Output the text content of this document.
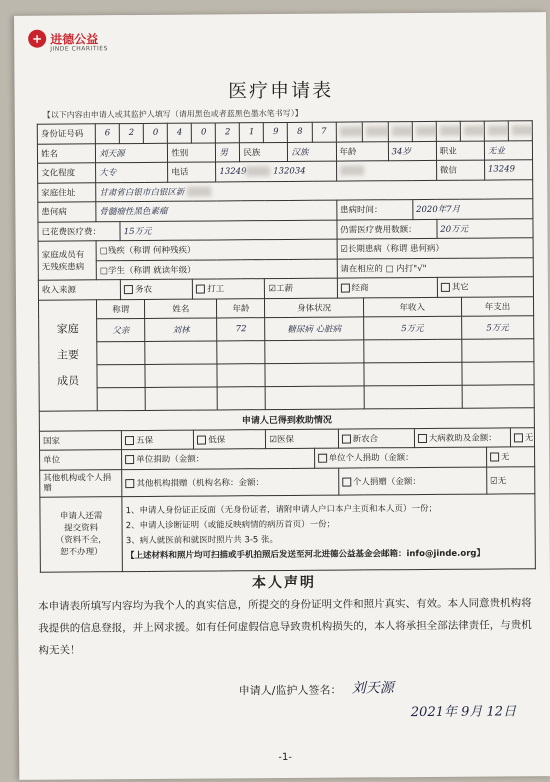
+ 进德公益
JINDE CHARITIES
医疗申请表
【以下内容由申请人或其监护人填写（请用黑色或者蓝黑色墨水笔书写）】
身份证号码	6	2	0	4	0	2	1	9	8	7								
姓名	刘天源			性别		男	民族		汉族		年龄		34岁		职业		无业	
文化程度	大专			电话		13249 132034									微信		13249	
家庭住址	甘肃省白银市白银区新																	
患何病	骨髓瘤性黑色素瘤										患病时间：			2020年7月				
已花费医疗费：		15万元									仍需医疗费用数额：				20万元			
家庭成员有
无残疾患病	□残疾（称谓 何种残疾）										☑长期患病（称谓 患何病）							
	□学生（称谓 就读年级）										请在相应的 □ 内打"√"							
收入来源		务农			打工			☑工薪			经商				其它			
家庭
主要
成员	称谓		姓名			年龄		身体状况				年收入				年支出		
	父亲		刘林			72		糖尿病 心脏病				5万元				5万元		

申请人已得到救助情况																		
国家		五保			低保			☑医保			新农合			大病救助及金额：				无
单位		单位捐助（金额：								单位个人捐助（金额：							无	
其他机构或个人捐赠		其他机构捐赠（机构名称：金额：									个人捐赠（金额：						☑无	
申请人还需
提交资料
（资料不全，
恕不办理）		1、申请人身份证正反面（无身份证者，请附申请人户口本户主页和本人页）一份；
2、申请人诊断证明（或能反映病情的病历首页）一份；
3、病人就医前和就医时照片共 3-5 张。
【上述材料和照片均可扫描或手机拍照后发送至河北进德公益基金会邮箱：info@jinde.org】																
本人声明
本申请表所填写内容均为我个人的真实信息，所提交的身份证明文件和照片真实、有效。本人同意贵机构将我提供的信息登报，并上网求援。如有任何虚假信息导致贵机构损失的，本人将承担全部法律责任，与贵机构无关！
申请人/监护人签名： 刘天源
2021年 9月 12日
-1-
